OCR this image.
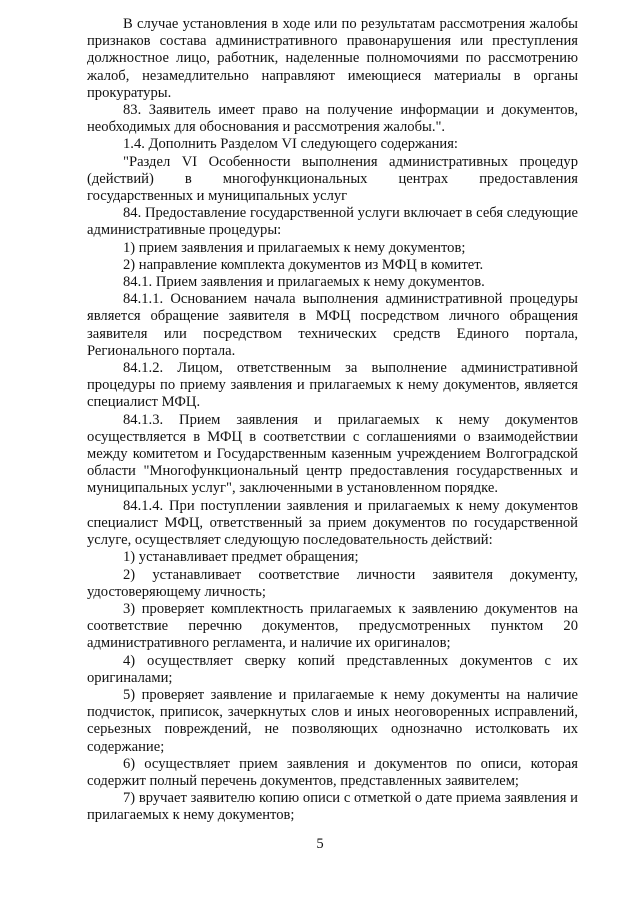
В случае установления в ходе или по результатам рассмотрения жалобы признаков состава административного правонарушения или преступления должностное лицо, работник, наделенные полномочиями по рассмотрению жалоб, незамедлительно направляют имеющиеся материалы в органы прокуратуры.

83. Заявитель имеет право на получение информации и документов, необходимых для обоснования и рассмотрения жалобы.".

1.4. Дополнить Разделом VI следующего содержания:

"Раздел VI Особенности выполнения административных процедур (действий) в многофункциональных центрах предоставления государственных и муниципальных услуг

84. Предоставление государственной услуги включает в себя следующие административные процедуры:

1) прием заявления и прилагаемых к нему документов;

2) направление комплекта документов из МФЦ в комитет.

84.1. Прием заявления и прилагаемых к нему документов.

84.1.1. Основанием начала выполнения административной процедуры является обращение заявителя в МФЦ посредством личного обращения заявителя или посредством технических средств Единого портала, Регионального портала.

84.1.2. Лицом, ответственным за выполнение административной процедуры по приему заявления и прилагаемых к нему документов, является специалист МФЦ.

84.1.3. Прием заявления и прилагаемых к нему документов осуществляется в МФЦ в соответствии с соглашениями о взаимодействии между комитетом и Государственным казенным учреждением Волгоградской области "Многофункциональный центр предоставления государственных и муниципальных услуг", заключенными в установленном порядке.

84.1.4. При поступлении заявления и прилагаемых к нему документов специалист МФЦ, ответственный за прием документов по государственной услуге, осуществляет следующую последовательность действий:

1) устанавливает предмет обращения;

2) устанавливает соответствие личности заявителя документу, удостоверяющему личность;

3) проверяет комплектность прилагаемых к заявлению документов на соответствие перечню документов, предусмотренных пунктом 20 административного регламента, и наличие их оригиналов;

4) осуществляет сверку копий представленных документов с их оригиналами;

5) проверяет заявление и прилагаемые к нему документы на наличие подчисток, приписок, зачеркнутых слов и иных неоговоренных исправлений, серьезных повреждений, не позволяющих однозначно истолковать их содержание;

6) осуществляет прием заявления и документов по описи, которая содержит полный перечень документов, представленных заявителем;

7) вручает заявителю копию описи с отметкой о дате приема заявления и прилагаемых к нему документов;

5
